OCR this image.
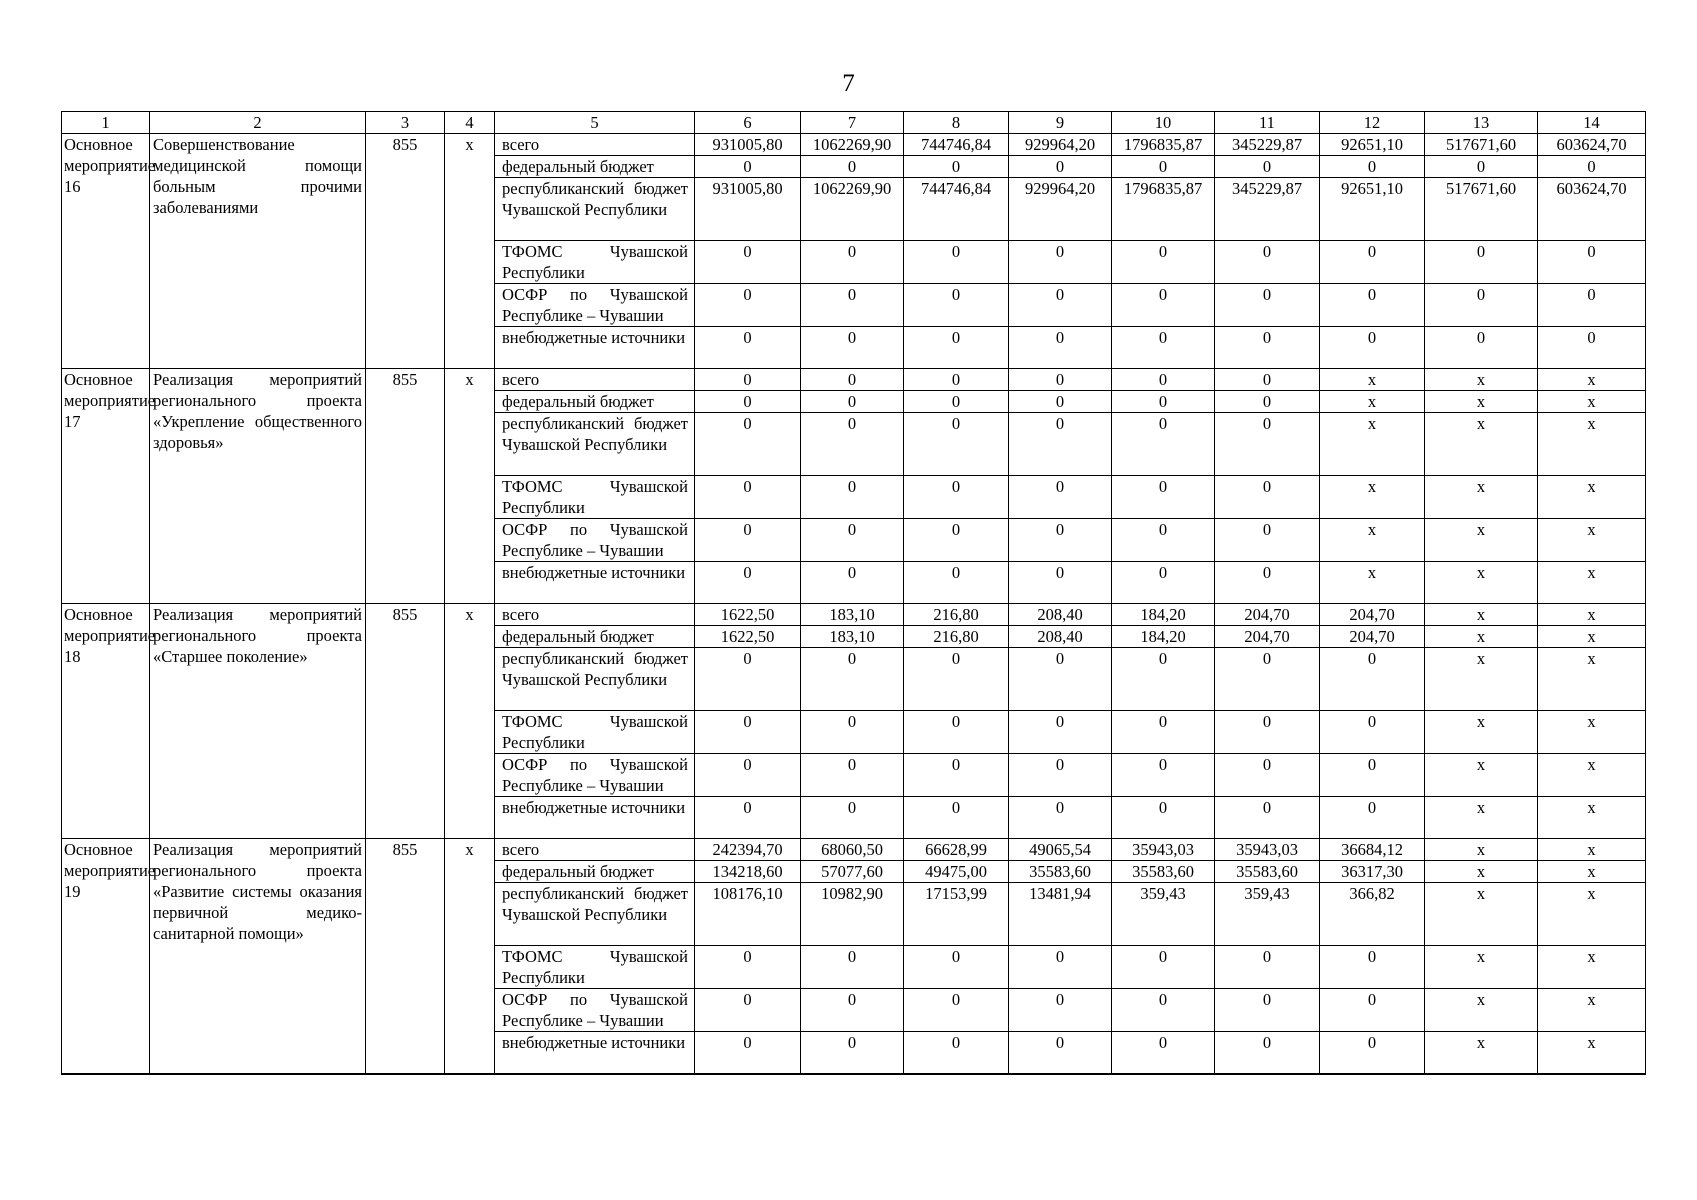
7
1	2	3	4	5	6	7	8	9	10	11	12	13	14
Основное мероприятие 16	Совершенствование медицинской помощи больным прочими заболеваниями	855	х	всего	931005,80	1062269,90	744746,84	929964,20	1796835,87	345229,87	92651,10	517671,60	603624,70
				федеральный бюджет	0	0	0	0	0	0	0	0	0
				республиканский бюджет Чувашской Республики	931005,80	1062269,90	744746,84	929964,20	1796835,87	345229,87	92651,10	517671,60	603624,70
				ТФОМС Чувашской Республики	0	0	0	0	0	0	0	0	0
				ОСФР по Чувашской Республике – Чувашии	0	0	0	0	0	0	0	0	0
				внебюджетные источники	0	0	0	0	0	0	0	0	0
Основное мероприятие 17	Реализация мероприятий регионального проекта «Укрепление общественного здоровья»	855	х	всего	0	0	0	0	0	0	х	х	х
				федеральный бюджет	0	0	0	0	0	0	х	х	х
				республиканский бюджет Чувашской Республики	0	0	0	0	0	0	х	х	х
				ТФОМС Чувашской Республики	0	0	0	0	0	0	х	х	х
				ОСФР по Чувашской Республике – Чувашии	0	0	0	0	0	0	х	х	х
				внебюджетные источники	0	0	0	0	0	0	х	х	х
Основное мероприятие 18	Реализация мероприятий регионального проекта «Старшее поколение»	855	х	всего	1622,50	183,10	216,80	208,40	184,20	204,70	204,70	х	х
				федеральный бюджет	1622,50	183,10	216,80	208,40	184,20	204,70	204,70	х	х
				республиканский бюджет Чувашской Республики	0	0	0	0	0	0	0	х	х
				ТФОМС Чувашской Республики	0	0	0	0	0	0	0	х	х
				ОСФР по Чувашской Республике – Чувашии	0	0	0	0	0	0	0	х	х
				внебюджетные источники	0	0	0	0	0	0	0	х	х
Основное мероприятие 19	Реализация мероприятий регионального проекта «Развитие системы оказания первичной медико-санитарной помощи»	855	х	всего	242394,70	68060,50	66628,99	49065,54	35943,03	35943,03	36684,12	х	х
				федеральный бюджет	134218,60	57077,60	49475,00	35583,60	35583,60	35583,60	36317,30	х	х
				республиканский бюджет Чувашской Республики	108176,10	10982,90	17153,99	13481,94	359,43	359,43	366,82	х	х
				ТФОМС Чувашской Республики	0	0	0	0	0	0	0	х	х
				ОСФР по Чувашской Республике – Чувашии	0	0	0	0	0	0	0	х	х
				внебюджетные источники	0	0	0	0	0	0	0	х	х
